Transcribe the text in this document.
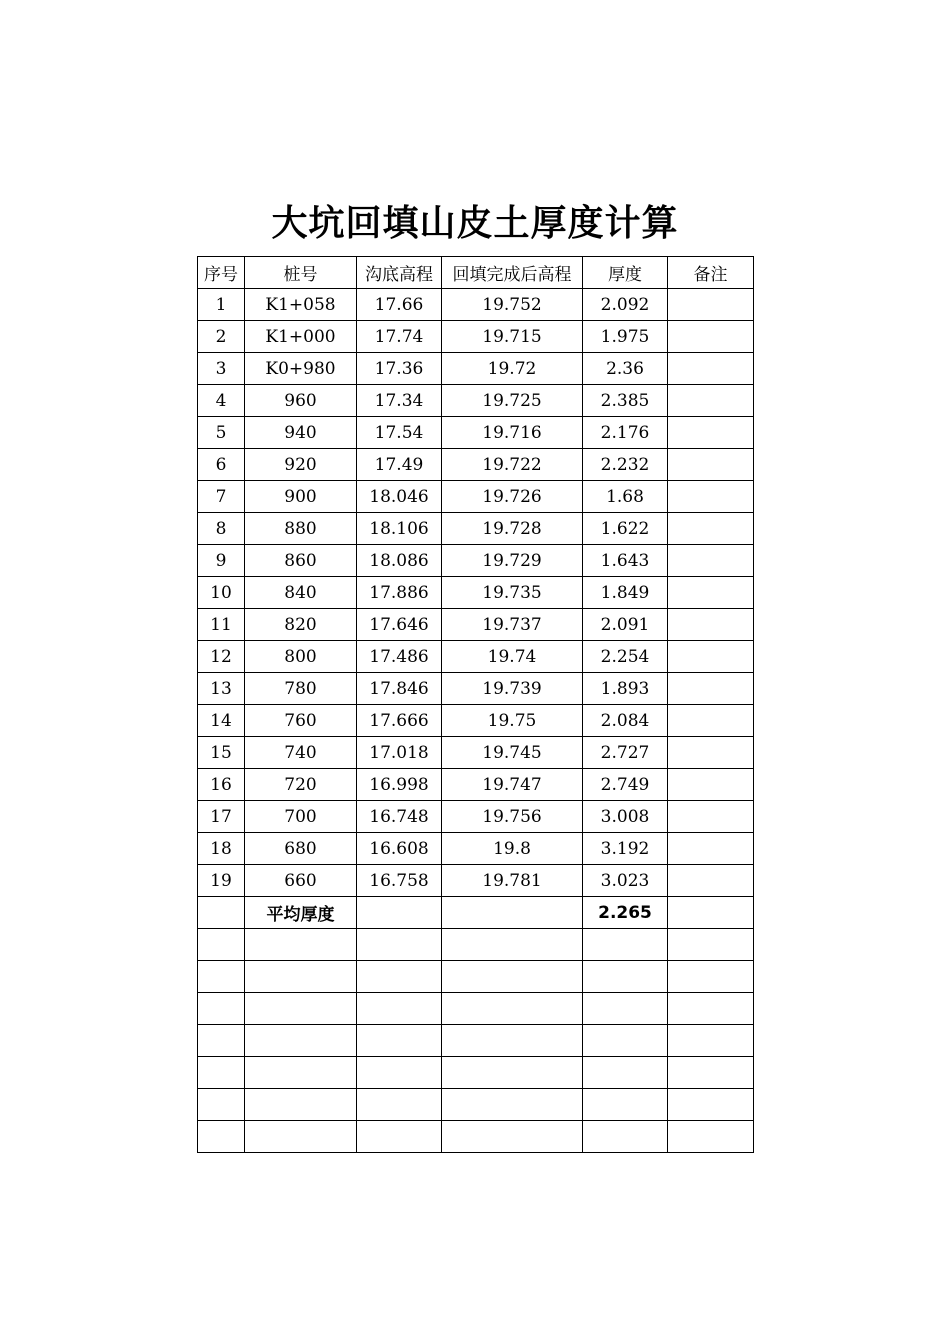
大坑回填山皮土厚度计算
序号	桩号	沟底高程	回填完成后高程	厚度	备注
1	K1+058	17.66	19.752	2.092	
2	K1+000	17.74	19.715	1.975	
3	K0+980	17.36	19.72	2.36	
4	960	17.34	19.725	2.385	
5	940	17.54	19.716	2.176	
6	920	17.49	19.722	2.232	
7	900	18.046	19.726	1.68	
8	880	18.106	19.728	1.622	
9	860	18.086	19.729	1.643	
10	840	17.886	19.735	1.849	
11	820	17.646	19.737	2.091	
12	800	17.486	19.74	2.254	
13	780	17.846	19.739	1.893	
14	760	17.666	19.75	2.084	
15	740	17.018	19.745	2.727	
16	720	16.998	19.747	2.749	
17	700	16.748	19.756	3.008	
18	680	16.608	19.8	3.192	
19	660	16.758	19.781	3.023	
	平均厚度			2.265	
